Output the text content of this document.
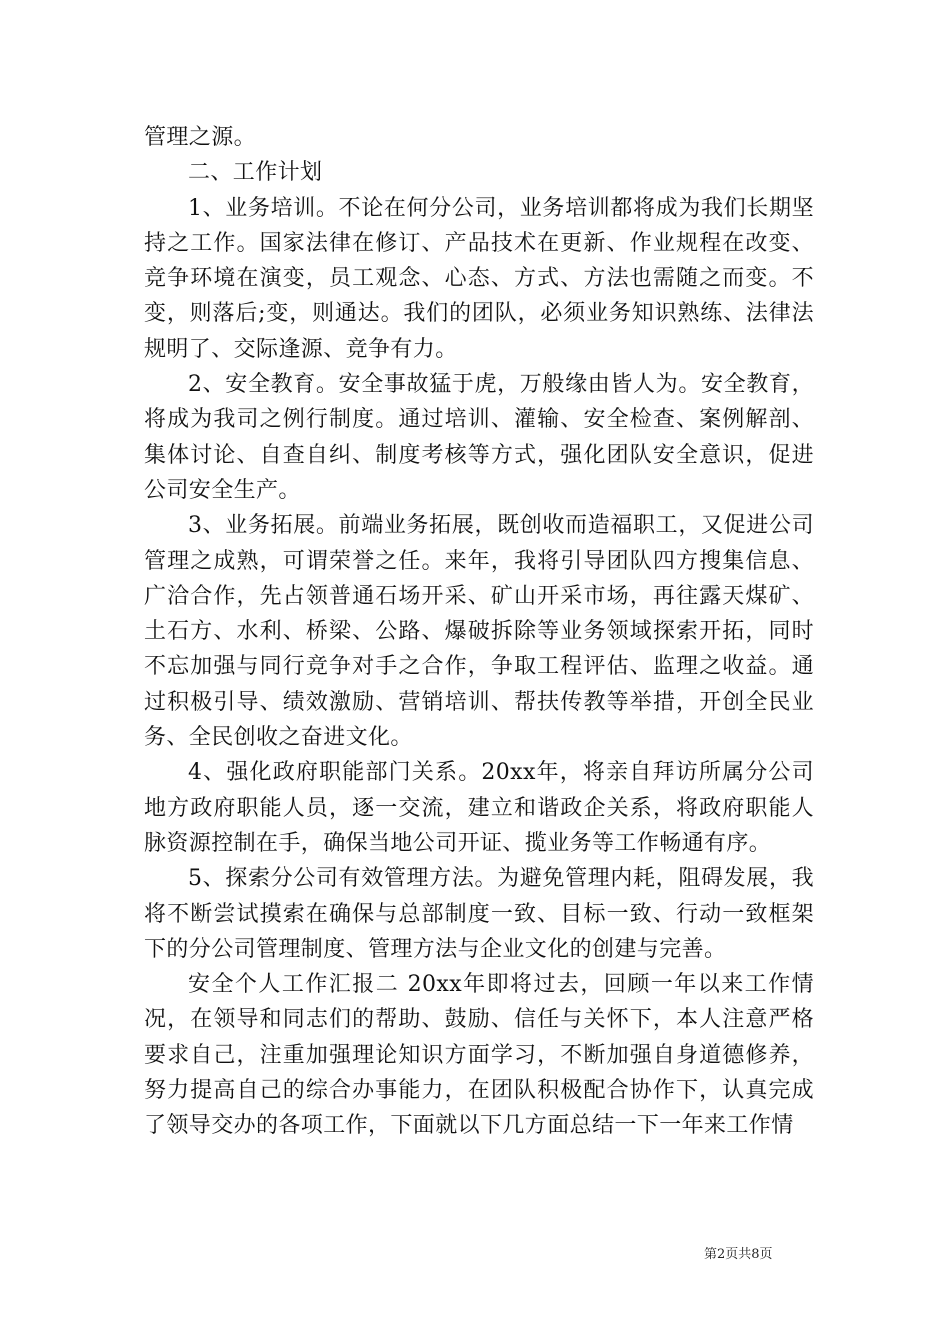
管理之源。

二、工作计划

1、业务培训。不论在何分公司，业务培训都将成为我们长期坚持之工作。国家法律在修订、产品技术在更新、作业规程在改变、竞争环境在演变，员工观念、心态、方式、方法也需随之而变。不变，则落后;变，则通达。我们的团队，必须业务知识熟练、法律法规明了、交际逢源、竞争有力。

2、安全教育。安全事故猛于虎，万般缘由皆人为。安全教育，将成为我司之例行制度。通过培训、灌输、安全检查、案例解剖、集体讨论、自查自纠、制度考核等方式，强化团队安全意识，促进公司安全生产。

3、业务拓展。前端业务拓展，既创收而造福职工，又促进公司管理之成熟，可谓荣誉之任。来年，我将引导团队四方搜集信息、广洽合作，先占领普通石场开采、矿山开采市场，再往露天煤矿、土石方、水利、桥梁、公路、爆破拆除等业务领域探索开拓，同时不忘加强与同行竞争对手之合作，争取工程评估、监理之收益。通过积极引导、绩效激励、营销培训、帮扶传教等举措，开创全民业务、全民创收之奋进文化。

4、强化政府职能部门关系。20xx年，将亲自拜访所属分公司地方政府职能人员，逐一交流，建立和谐政企关系，将政府职能人脉资源控制在手，确保当地公司开证、揽业务等工作畅通有序。

5、探索分公司有效管理方法。为避免管理内耗，阻碍发展，我将不断尝试摸索在确保与总部制度一致、目标一致、行动一致框架下的分公司管理制度、管理方法与企业文化的创建与完善。

安全个人工作汇报二 20xx年即将过去，回顾一年以来工作情况，在领导和同志们的帮助、鼓励、信任与关怀下，本人注意严格要求自己，注重加强理论知识方面学习，不断加强自身道德修养，努力提高自己的综合办事能力，在团队积极配合协作下，认真完成了领导交办的各项工作，下面就以下几方面总结一下一年来工作情

第2页共8页
